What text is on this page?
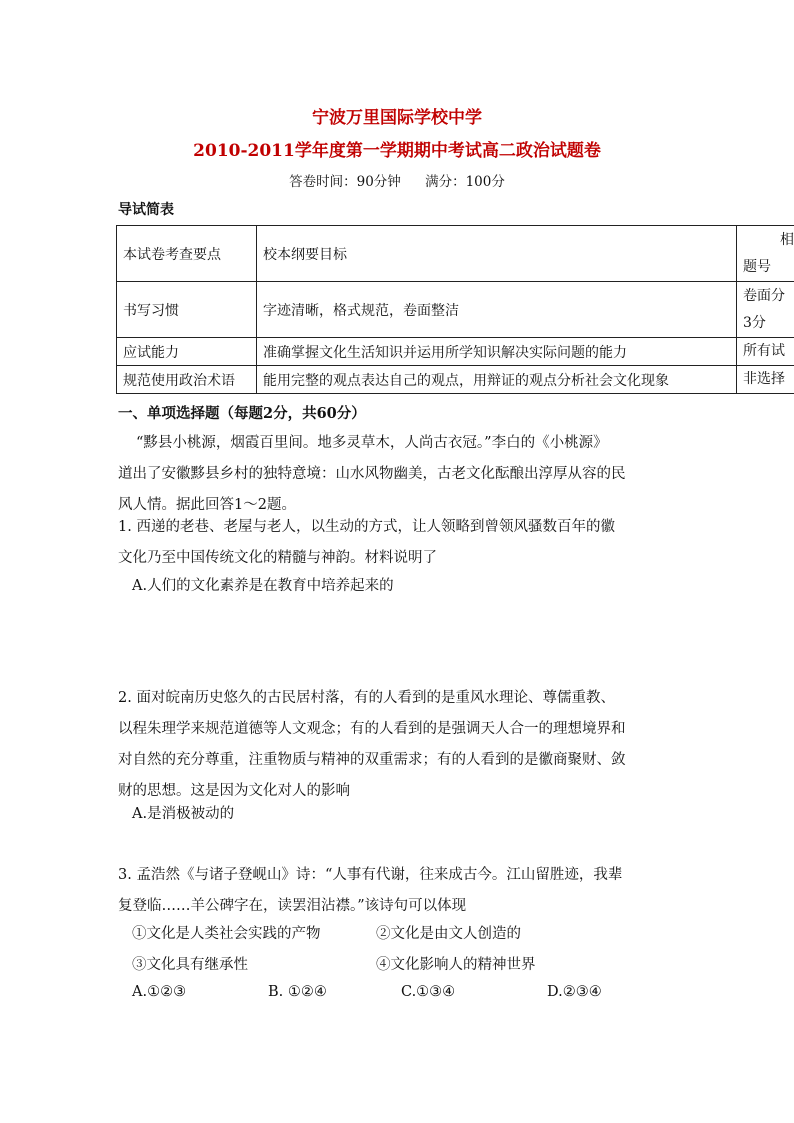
宁波万里国际学校中学
2010-2011学年度第一学期期中考试高二政治试题卷
答卷时间：90分钟 满分：100分
导试简表
本试卷考查要点	校本纲要目标	相
题号
书写习惯	字迹清晰，格式规范，卷面整洁	卷面分
3分
应试能力	准确掌握文化生活知识并运用所学知识解决实际问题的能力	所有试
规范使用政治术语	能用完整的观点表达自己的观点，用辩证的观点分析社会文化现象	非选择
一、单项选择题（每题2分，共60分）
“黟县小桃源，烟霞百里间。地多灵草木，人尚古衣冠。”李白的《小桃源》
道出了安徽黟县乡村的独特意境：山水风物幽美，古老文化酝酿出淳厚从容的民
风人情。据此回答1～2题。
1. 西递的老巷、老屋与老人，以生动的方式，让人领略到曾领风骚数百年的徽
文化乃至中国传统文化的精髓与神韵。材料说明了
A.人们的文化素养是在教育中培养起来的
2. 面对皖南历史悠久的古民居村落，有的人看到的是重风水理论、尊儒重教、
以程朱理学来规范道德等人文观念；有的人看到的是强调天人合一的理想境界和
对自然的充分尊重，注重物质与精神的双重需求；有的人看到的是徽商聚财、敛
财的思想。这是因为文化对人的影响
A.是消极被动的
3. 孟浩然《与诸子登岘山》诗：“人事有代谢，往来成古今。江山留胜迹，我辈
复登临……羊公碑字在，读罢泪沾襟。”该诗句可以体现
①文化是人类社会实践的产物	②文化是由文人创造的
③文化具有继承性	④文化影响人的精神世界
A.①②③	B. ①②④	C.①③④	D.②③④
